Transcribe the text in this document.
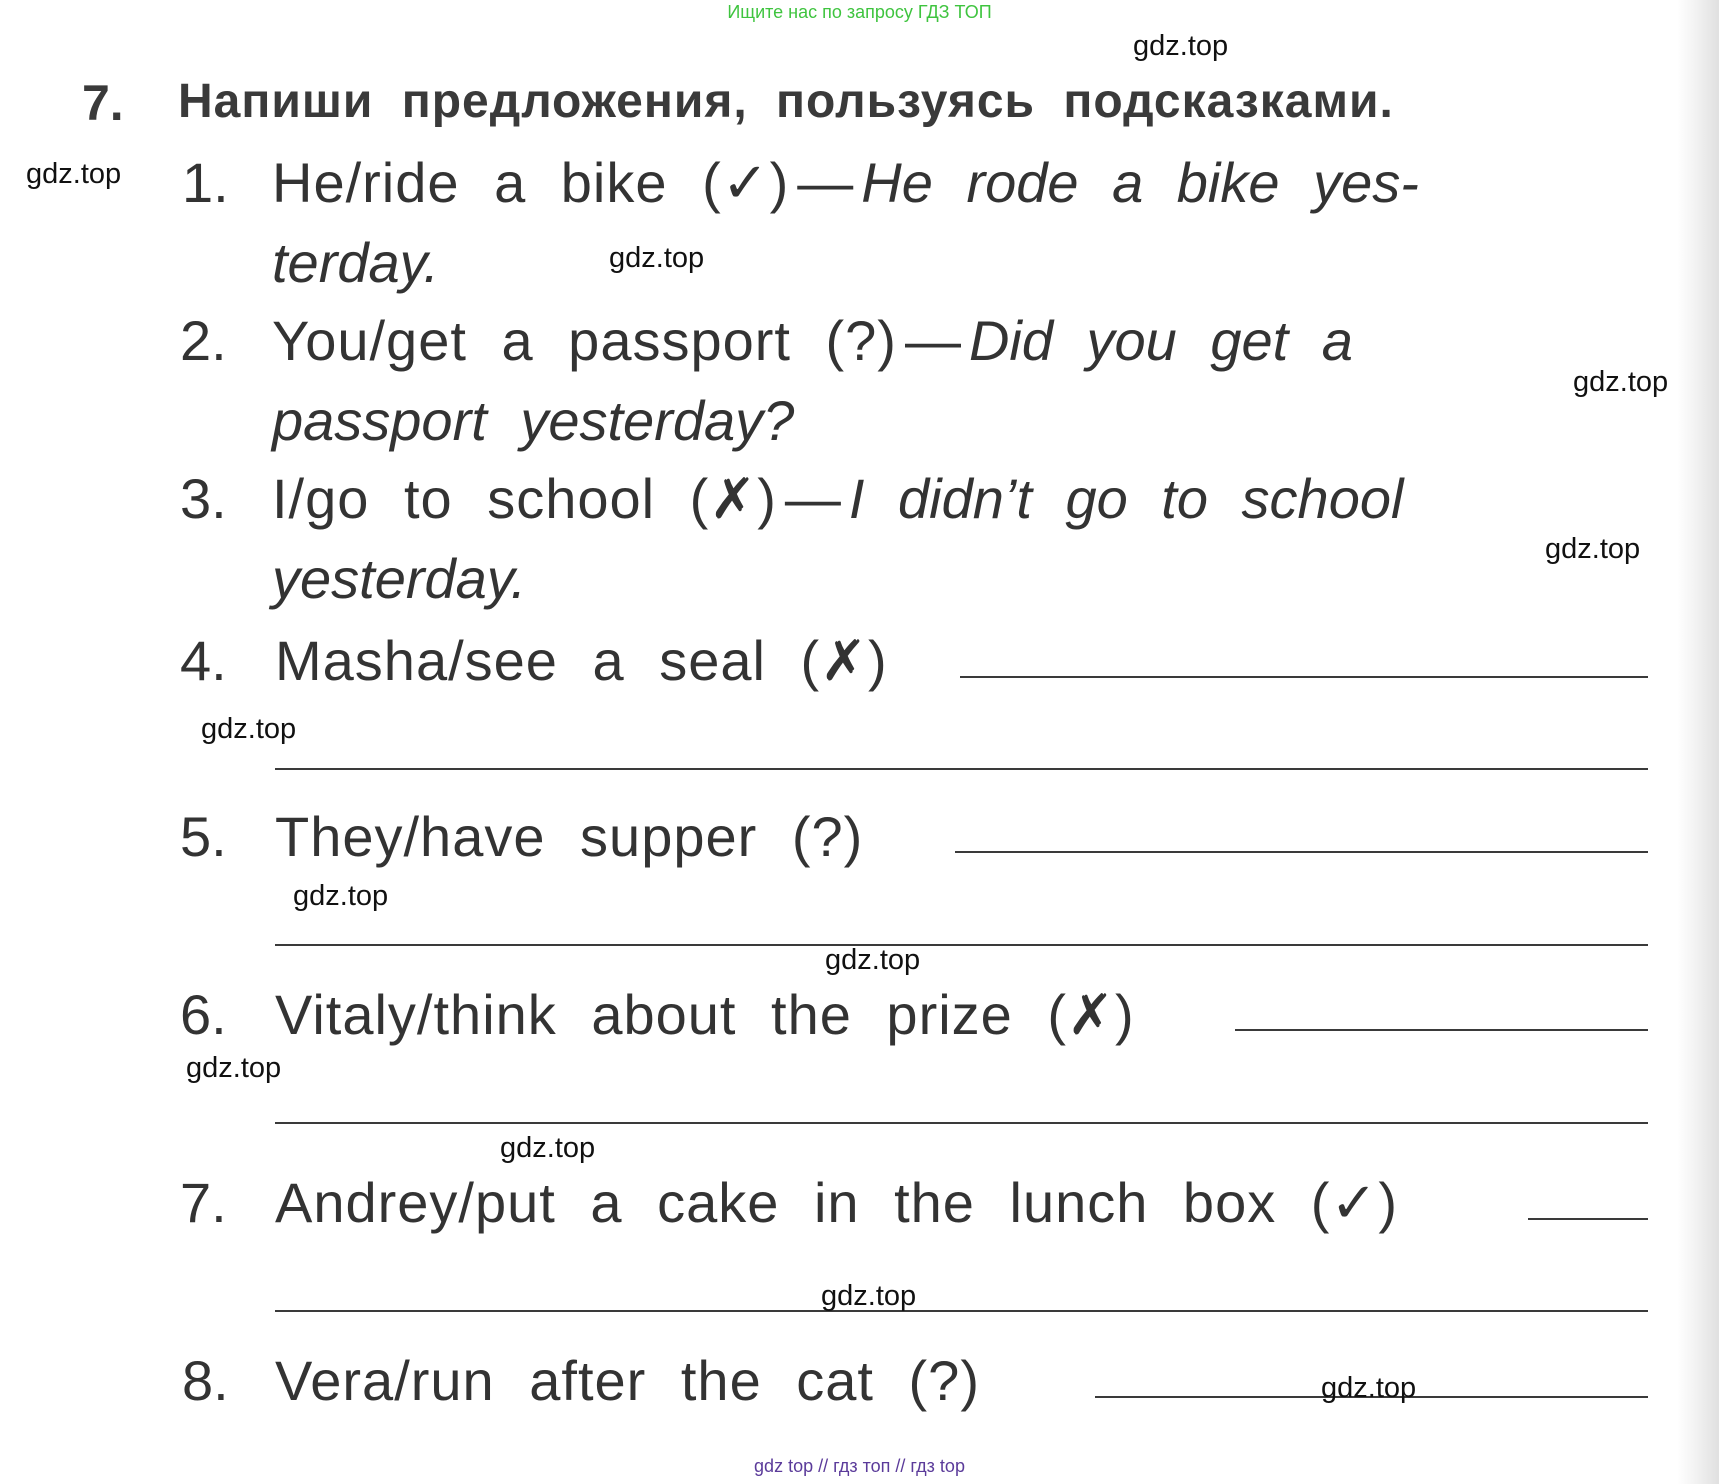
Ищите нас по запросу ГДЗ ТОП
7. Напиши предложения, пользуясь подсказками.
1. He/ride a bike (✓) — He rode a bike yes-
terday.
2. You/get a passport (?) — Did you get a
passport yesterday?
3. I/go to school (✗) — I didn’t go to school
yesterday.
4. Masha/see a seal (✗)
5. They/have supper (?)
6. Vitaly/think about the prize (✗)
7. Andrey/put a cake in the lunch box (✓)
8. Vera/run after the cat (?)
gdz.top
gdz.top
gdz.top
gdz.top
gdz.top
gdz.top
gdz.top
gdz.top
gdz.top
gdz.top
gdz.top
gdz.top
gdz top // гдз топ // гдз top
